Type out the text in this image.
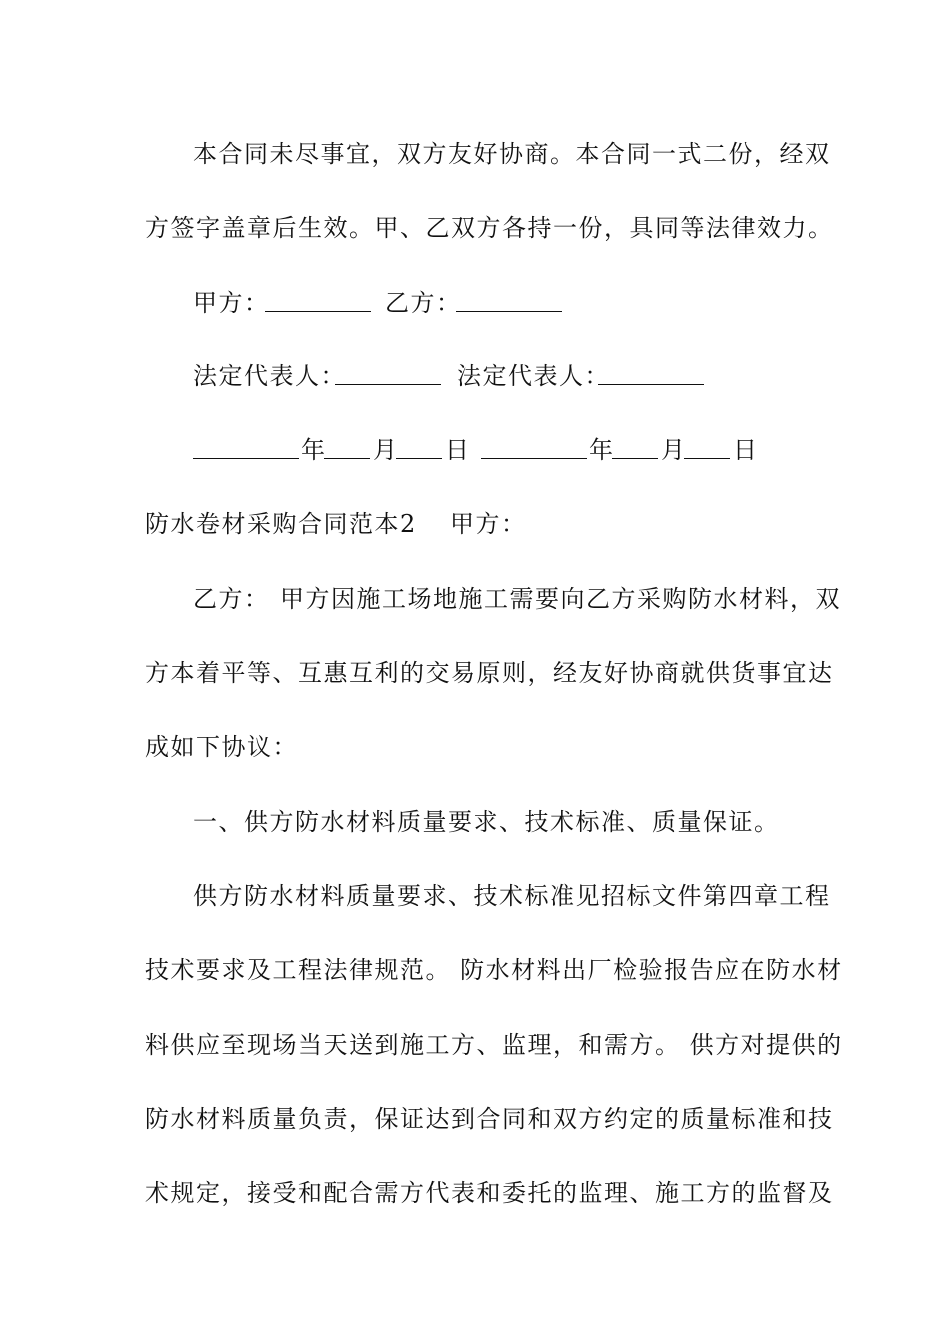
本合同未尽事宜，双方友好协商。本合同一式二份，经双
方签字盖章后生效。甲、乙双方各持一份，具同等法律效力。
甲方：	乙方：
法定代表人：	法定代表人：
年 月 日	年 月 日
防水卷材采购合同范本2 甲方：
乙方： 甲方因施工场地施工需要向乙方采购防水材料，双
方本着平等、互惠互利的交易原则，经友好协商就供货事宜达
成如下协议：
一、供方防水材料质量要求、技术标准、质量保证。
供方防水材料质量要求、技术标准见招标文件第四章工程
技术要求及工程法律规范。 防水材料出厂检验报告应在防水材
料供应至现场当天送到施工方、监理，和需方。 供方对提供的
防水材料质量负责，保证达到合同和双方约定的质量标准和技
术规定，接受和配合需方代表和委托的监理、施工方的监督及
